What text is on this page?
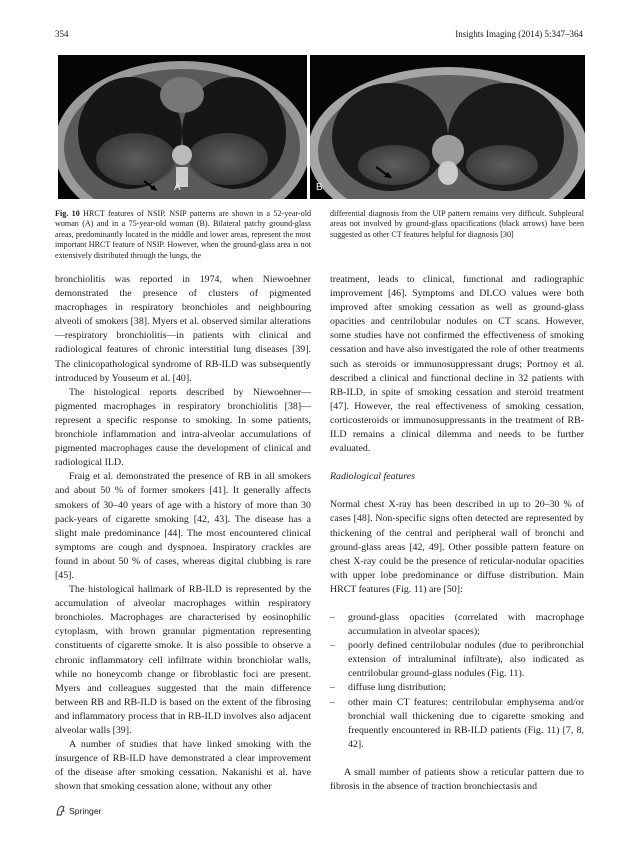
354	Insights Imaging (2014) 5:347–364
A	B
Fig. 10 HRCT features of NSIP. NSIP patterns are shown in a 52-year-old woman (A) and in a 75-year-old woman (B). Bilateral patchy ground-glass areas, predominantly located in the middle and lower areas, represent the most important HRCT feature of NSIP. However, when the ground-glass area is not extensively distributed through the lungs, the
differential diagnosis from the UIP pattern remains very difficult. Subpleural areas not involved by ground-glass opacifications (black arrows) have been suggested as other CT features helpful for diagnosis [30]

bronchiolitis was reported in 1974, when Niewoehner demonstrated the presence of clusters of pigmented macrophages in respiratory bronchioles and neighbouring alveoli of smokers [38]. Myers et al. observed similar alterations—respiratory bronchiolitis—in patients with clinical and radiological features of chronic interstitial lung diseases [39]. The clinicopathological syndrome of RB-ILD was subsequently introduced by Youseum et al. [40].

The histological reports described by Niewoehner—pigmented macrophages in respiratory bronchiolitis [38]—represent a specific response to smoking. In some patients, bronchiole inflammation and intra-alveolar accumulations of pigmented macrophages cause the development of clinical and radiological ILD.

Fraig et al. demonstrated the presence of RB in all smokers and about 50 % of former smokers [41]. It generally affects smokers of 30–40 years of age with a history of more than 30 pack-years of cigarette smoking [42, 43]. The disease has a slight male predominance [44]. The most encountered clinical symptoms are cough and dyspnoea. Inspiratory crackles are found in about 50 % of cases, whereas digital clubbing is rare [45].

The histological hallmark of RB-ILD is represented by the accumulation of alveolar macrophages within respiratory bronchioles. Macrophages are characterised by eosinophilic cytoplasm, with brown granular pigmentation representing constituents of cigarette smoke. It is also possible to observe a chronic inflammatory cell infiltrate within bronchiolar walls, while no honeycomb change or fibroblastic foci are present. Myers and colleagues suggested that the main difference between RB and RB-ILD is based on the extent of the fibrosing and inflammatory process that in RB-ILD involves also adjacent alveolar walls [39].

A number of studies that have linked smoking with the insurgence of RB-ILD have demonstrated a clear improvement of the disease after smoking cessation. Nakanishi et al. have shown that smoking cessation alone, without any other

treatment, leads to clinical, functional and radiographic improvement [46]. Symptoms and DLCO values were both improved after smoking cessation as well as ground-glass opacities and centrilobular nodules on CT scans. However, some studies have not confirmed the effectiveness of smoking cessation and have also investigated the role of other treatments such as steroids or immunosuppressant drugs; Portnoy et al. described a clinical and functional decline in 32 patients with RB-ILD, in spite of smoking cessation and steroid treatment [47]. However, the real effectiveness of smoking cessation, corticosteroids or immunosuppressants in the treatment of RB-ILD remains a clinical dilemma and needs to be further evaluated.

Radiological features

Normal chest X-ray has been described in up to 20–30 % of cases [48]. Non-specific signs often detected are represented by thickening of the central and peripheral wall of bronchi and ground-glass areas [42, 49]. Other possible pattern feature on chest X-ray could be the presence of reticular-nodular opacities with upper lobe predominance or diffuse distribution. Main HRCT features (Fig. 11) are [50]:

– ground-glass opacities (correlated with macrophage accumulation in alveolar spaces);
– poorly defined centrilobular nodules (due to peribronchial extension of intraluminal infiltrate), also indicated as centrilobular ground-glass nodules (Fig. 11).
– diffuse lung distribution;
– other main CT features: centrilobular emphysema and/or bronchial wall thickening due to cigarette smoking and frequently encountered in RB-ILD patients (Fig. 11) [7, 8, 42].

A small number of patients show a reticular pattern due to fibrosis in the absence of traction bronchiectasis and

Springer
